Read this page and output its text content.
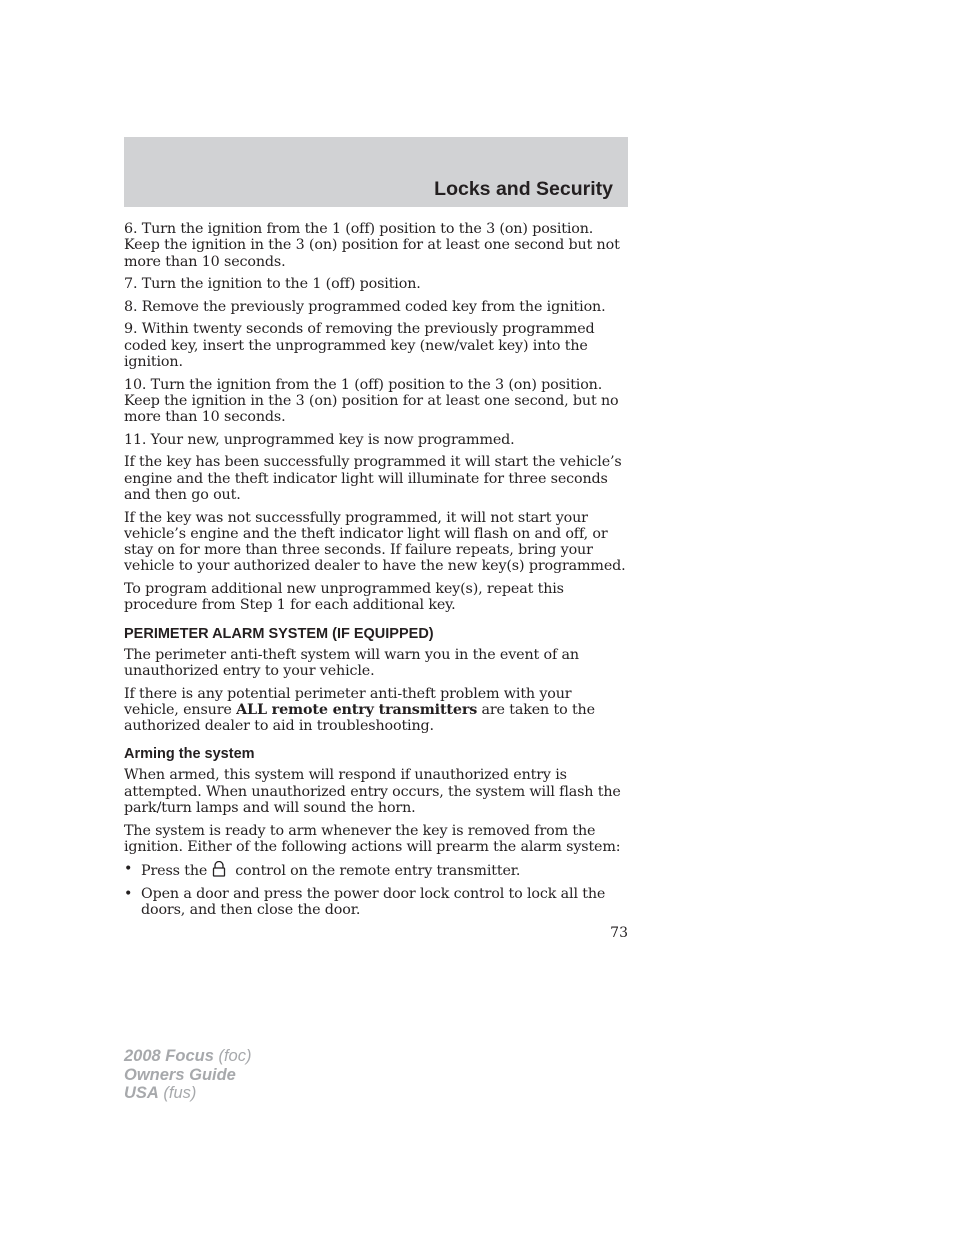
Locks and Security

6. Turn the ignition from the 1 (off) position to the 3 (on) position. Keep the ignition in the 3 (on) position for at least one second but not more than 10 seconds.

7. Turn the ignition to the 1 (off) position.

8. Remove the previously programmed coded key from the ignition.

9. Within twenty seconds of removing the previously programmed coded key, insert the unprogrammed key (new/valet key) into the ignition.

10. Turn the ignition from the 1 (off) position to the 3 (on) position. Keep the ignition in the 3 (on) position for at least one second, but no more than 10 seconds.

11. Your new, unprogrammed key is now programmed.

If the key has been successfully programmed it will start the vehicle’s engine and the theft indicator light will illuminate for three seconds and then go out.

If the key was not successfully programmed, it will not start your vehicle’s engine and the theft indicator light will flash on and off, or stay on for more than three seconds. If failure repeats, bring your vehicle to your authorized dealer to have the new key(s) programmed.

To program additional new unprogrammed key(s), repeat this procedure from Step 1 for each additional key.

PERIMETER ALARM SYSTEM (IF EQUIPPED)

The perimeter anti-theft system will warn you in the event of an unauthorized entry to your vehicle.

If there is any potential perimeter anti-theft problem with your vehicle, ensure ALL remote entry transmitters are taken to the authorized dealer to aid in troubleshooting.

Arming the system

When armed, this system will respond if unauthorized entry is attempted. When unauthorized entry occurs, the system will flash the park/turn lamps and will sound the horn.

The system is ready to arm whenever the key is removed from the ignition. Either of the following actions will prearm the alarm system:

• Press the control on the remote entry transmitter.
• Open a door and press the power door lock control to lock all the doors, and then close the door.
73
2008 Focus (foc)
Owners Guide
USA (fus)
